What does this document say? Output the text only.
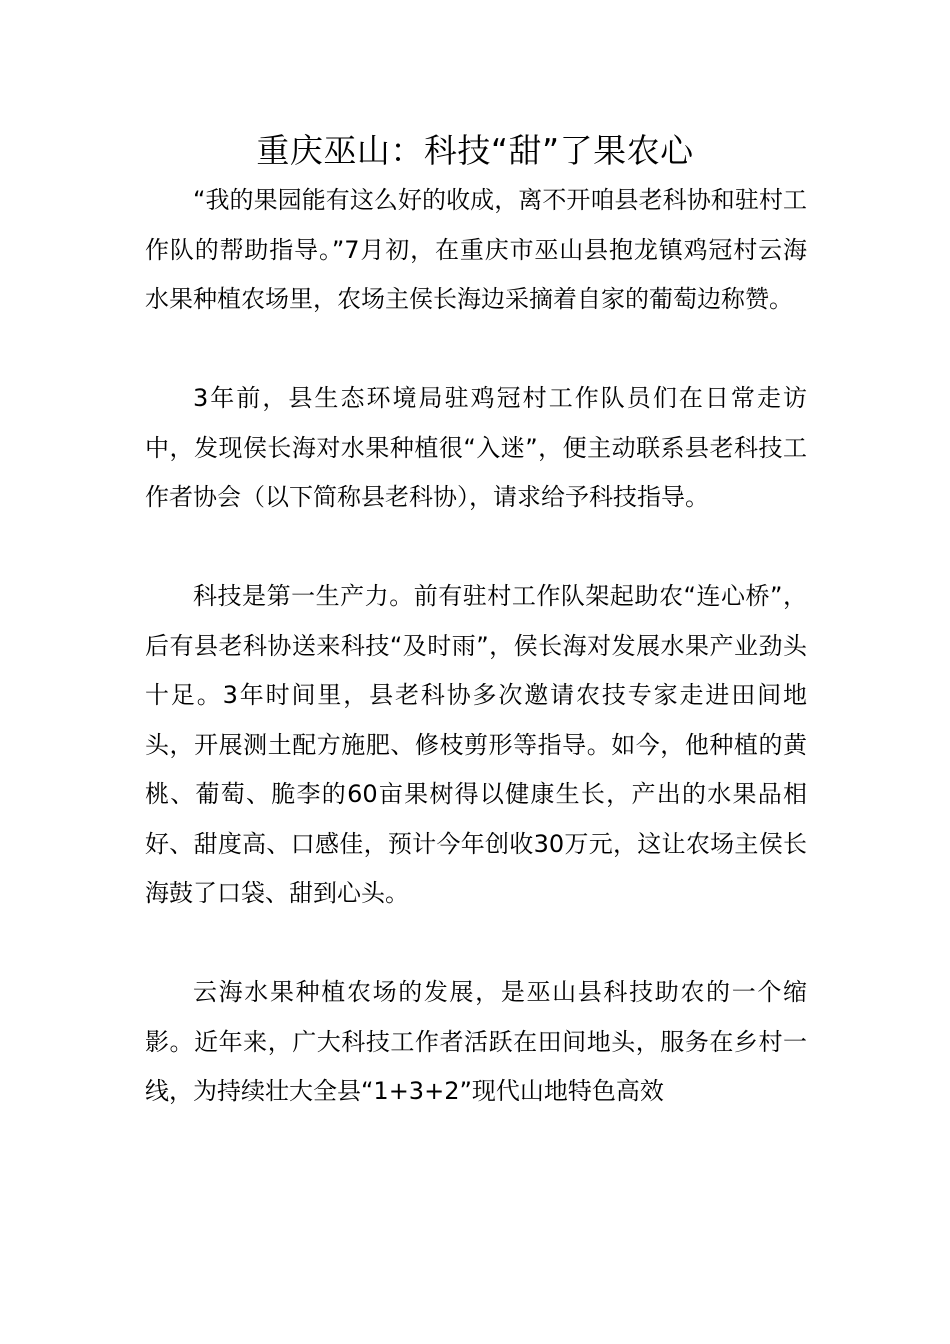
重庆巫山：科技“甜”了果农心

“我的果园能有这么好的收成，离不开咱县老科协和驻村工作队的帮助指导。”7月初，在重庆市巫山县抱龙镇鸡冠村云海水果种植农场里，农场主侯长海边采摘着自家的葡萄边称赞。

3年前，县生态环境局驻鸡冠村工作队员们在日常走访中，发现侯长海对水果种植很“入迷”，便主动联系县老科技工作者协会（以下简称县老科协），请求给予科技指导。

科技是第一生产力。前有驻村工作队架起助农“连心桥”，后有县老科协送来科技“及时雨”，侯长海对发展水果产业劲头十足。3年时间里，县老科协多次邀请农技专家走进田间地头，开展测土配方施肥、修枝剪形等指导。如今，他种植的黄桃、葡萄、脆李的60亩果树得以健康生长，产出的水果品相好、甜度高、口感佳，预计今年创收30万元，这让农场主侯长海鼓了口袋、甜到心头。

云海水果种植农场的发展，是巫山县科技助农的一个缩影。近年来，广大科技工作者活跃在田间地头，服务在乡村一线，为持续壮大全县“1+3+2”现代山地特色高效
